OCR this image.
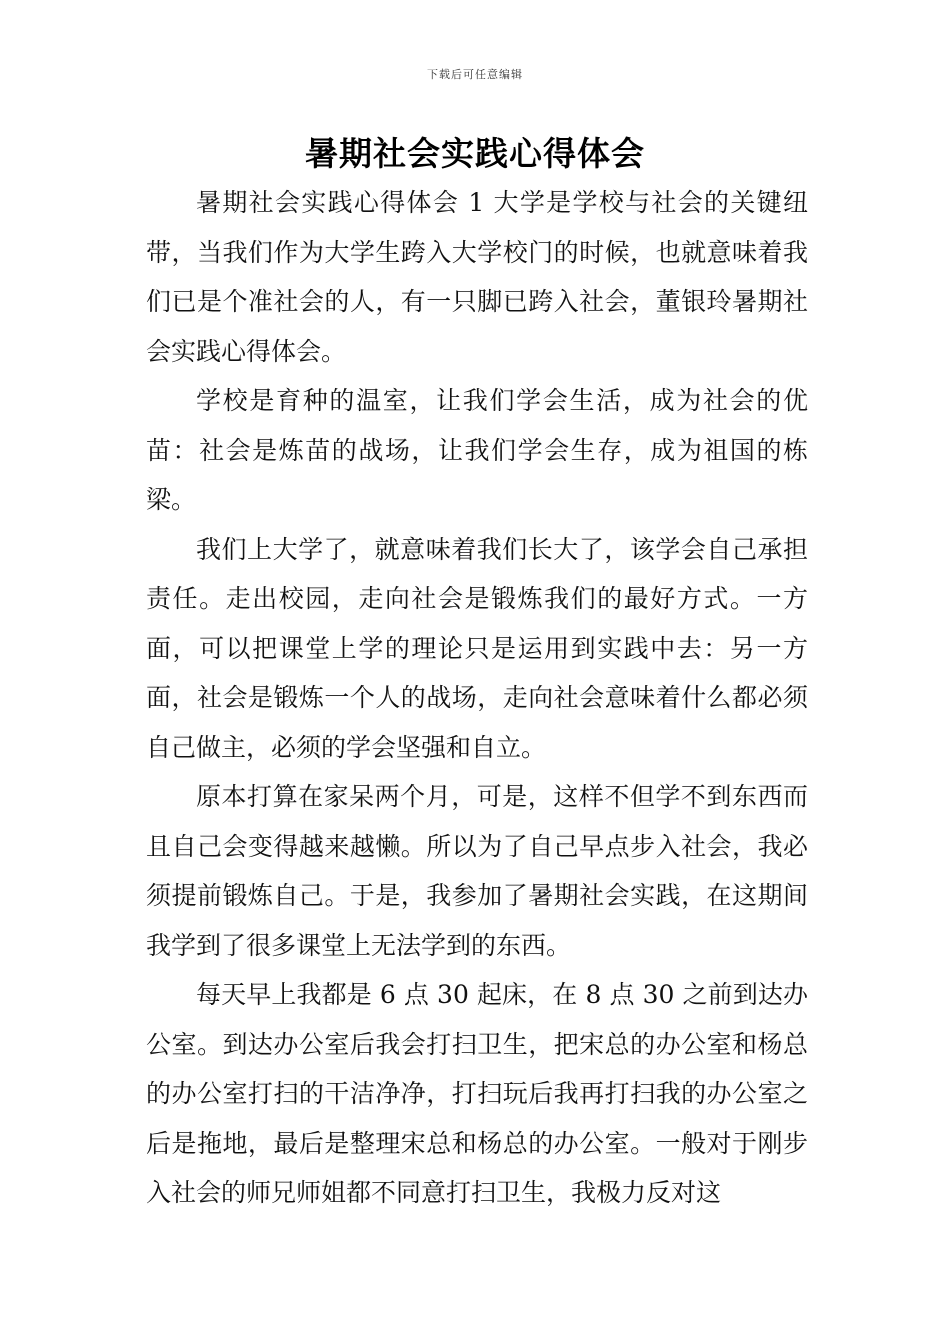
下载后可任意编辑
暑期社会实践心得体会

暑期社会实践心得体会 1 大学是学校与社会的关键纽带，当我们作为大学生跨入大学校门的时候，也就意味着我们已是个准社会的人，有一只脚已跨入社会，董银玲暑期社会实践心得体会。

学校是育种的温室，让我们学会生活，成为社会的优苗：社会是炼苗的战场，让我们学会生存，成为祖国的栋梁。

我们上大学了，就意味着我们长大了，该学会自己承担责任。走出校园，走向社会是锻炼我们的最好方式。一方面，可以把课堂上学的理论只是运用到实践中去：另一方面，社会是锻炼一个人的战场，走向社会意味着什么都必须自己做主，必须的学会坚强和自立。

原本打算在家呆两个月，可是，这样不但学不到东西而且自己会变得越来越懒。所以为了自己早点步入社会，我必须提前锻炼自己。于是，我参加了暑期社会实践，在这期间我学到了很多课堂上无法学到的东西。

每天早上我都是 6 点 30 起床，在 8 点 30 之前到达办公室。到达办公室后我会打扫卫生，把宋总的办公室和杨总的办公室打扫的干洁净净，打扫玩后我再打扫我的办公室之后是拖地，最后是整理宋总和杨总的办公室。一般对于刚步入社会的师兄师姐都不同意打扫卫生，我极力反对这
